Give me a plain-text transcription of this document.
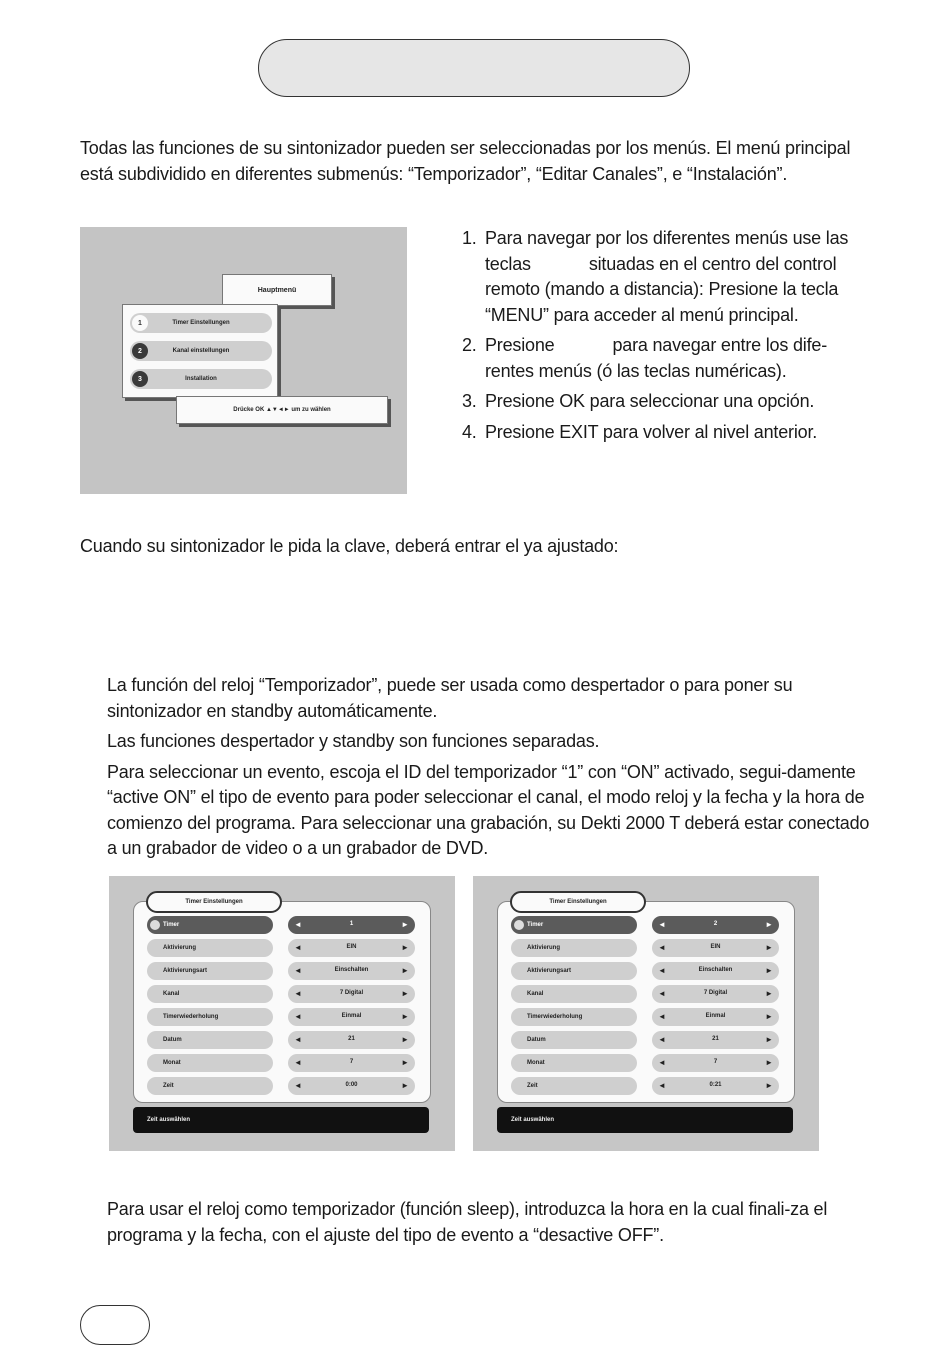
Todas las funciones de su sintonizador pueden ser seleccionadas por los menús. El menú principal está subdividido en diferentes submenús: “Temporizador”, “Editar Canales”, e “Instalación”.

Hauptmenü
1	Timer Einstellungen
2	Kanal einstellungen
3	Installation
Drücke OK ▲▼◄► um zu wählen
1. Para navegar por los diferentes menús use las teclas	situadas en el centro del control remoto (mando a distancia): Presione la tecla “MENU” para acceder al menú principal.
2. Presione	para navegar entre los dife-rentes menús (ó las teclas numéricas).
3. Presione OK para seleccionar una opción.
4. Presione EXIT para volver al nivel anterior.

Cuando su sintonizador le pida la clave, deberá entrar el ya ajustado:

La función del reloj “Temporizador”, puede ser usada como despertador o para poner su sintonizador en standby automáticamente.

Las funciones despertador y standby son funciones separadas.

Para seleccionar un evento, escoja el ID del temporizador “1” con “ON” activado, segui-damente “active ON” el tipo de evento para poder seleccionar el canal, el modo reloj y la fecha y la hora de comienzo del programa. Para seleccionar una grabación, su Dekti 2000 T deberá estar conectado a un grabador de video o a un grabador de DVD.

Timer Einstellungen
Timer	◄	1	►
Aktivierung	◄	EIN	►
Aktivierungsart	◄	Einschalten	►
Kanal	◄	7 Digital	►
Timerwiederholung	◄	Einmal	►
Datum	◄	21	►
Monat	◄	7	►
Zeit	◄	0:00	►
Zeit auswählen
Timer Einstellungen
Timer	◄	2	►
Aktivierung	◄	EIN	►
Aktivierungsart	◄	Einschalten	►
Kanal	◄	7 Digital	►
Timerwiederholung	◄	Einmal	►
Datum	◄	21	►
Monat	◄	7	►
Zeit	◄	0:21	►
Zeit auswählen

Para usar el reloj como temporizador (función sleep), introduzca la hora en la cual finali-za el programa y la fecha, con el ajuste del tipo de evento a “desactive OFF”.
